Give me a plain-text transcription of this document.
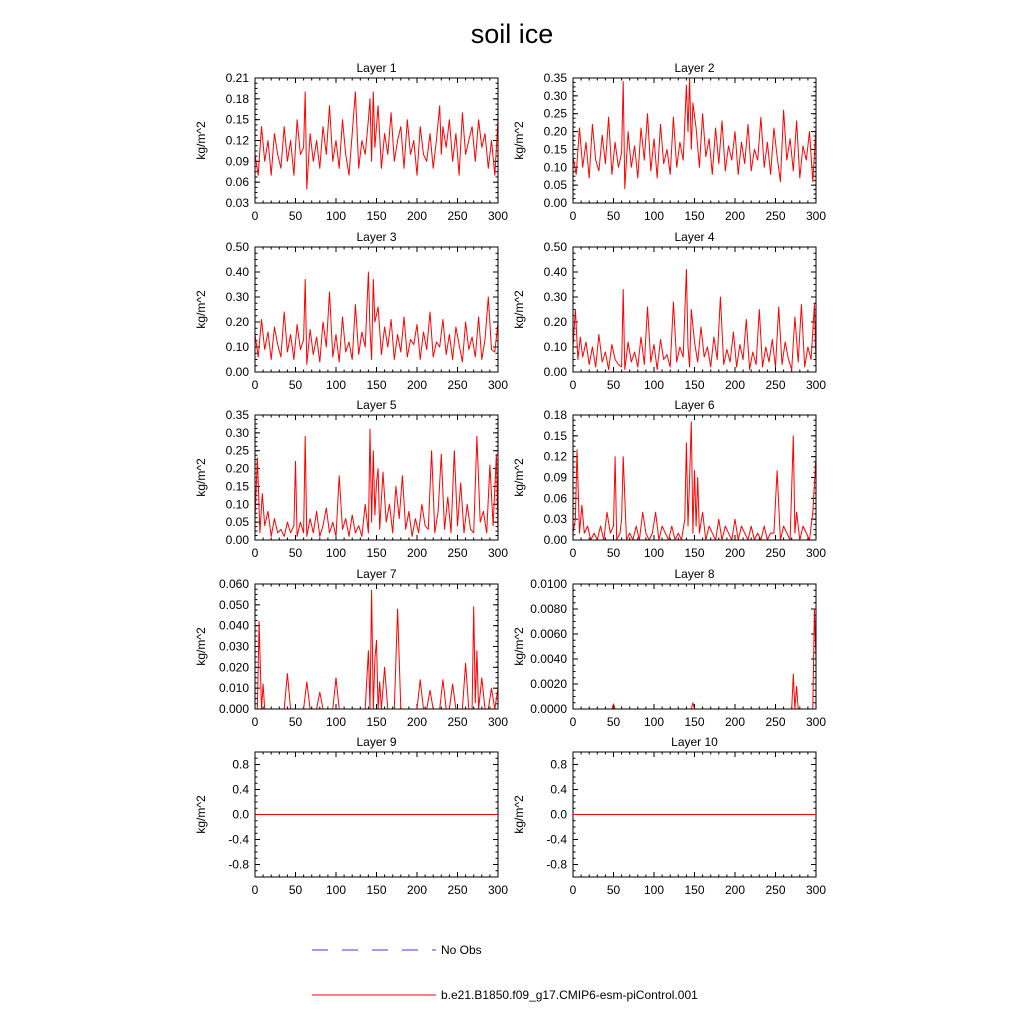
soil ice
Layer 1
kg/m^2
0	50 100 150 200 250 300
0.03
0.06
0.09
0.12
0.15
0.18
0.21
Layer 2
kg/m^2
0	50 100 150 200 250 300
0.00
0.05
0.10
0.15
0.20
0.25
0.30
0.35
Layer 3
kg/m^2
0	50 100 150 200 250 300
0.00
0.10
0.20
0.30
0.40
0.50
Layer 4
kg/m^2
0	50 100 150 200 250 300
0.00
0.10
0.20
0.30
0.40
0.50
Layer 5
kg/m^2
0	50 100 150 200 250 300
0.00
0.05
0.10
0.15
0.20
0.25
0.30
0.35
Layer 6
kg/m^2
0	50 100 150 200 250 300
0.00
0.03
0.06
0.09
0.12
0.15
0.18
Layer 7
kg/m^2
0	50 100 150 200 250 300
0.000
0.010
0.020
0.030
0.040
0.050
0.060
Layer 8
kg/m^2
0	50 100 150 200 250 300
0.0000
0.0020
0.0040
0.0060
0.0080
0.0100
Layer 9
kg/m^2
0	50 100 150 200 250 300
-0.8
-0.4
0.0
0.4
0.8
Layer 10
kg/m^2
0	50 100 150 200 250 300
-0.8
-0.4
0.0
0.4
0.8
No Obs
b.e21.B1850.f09_g17.CMIP6-esm-piControl.001
